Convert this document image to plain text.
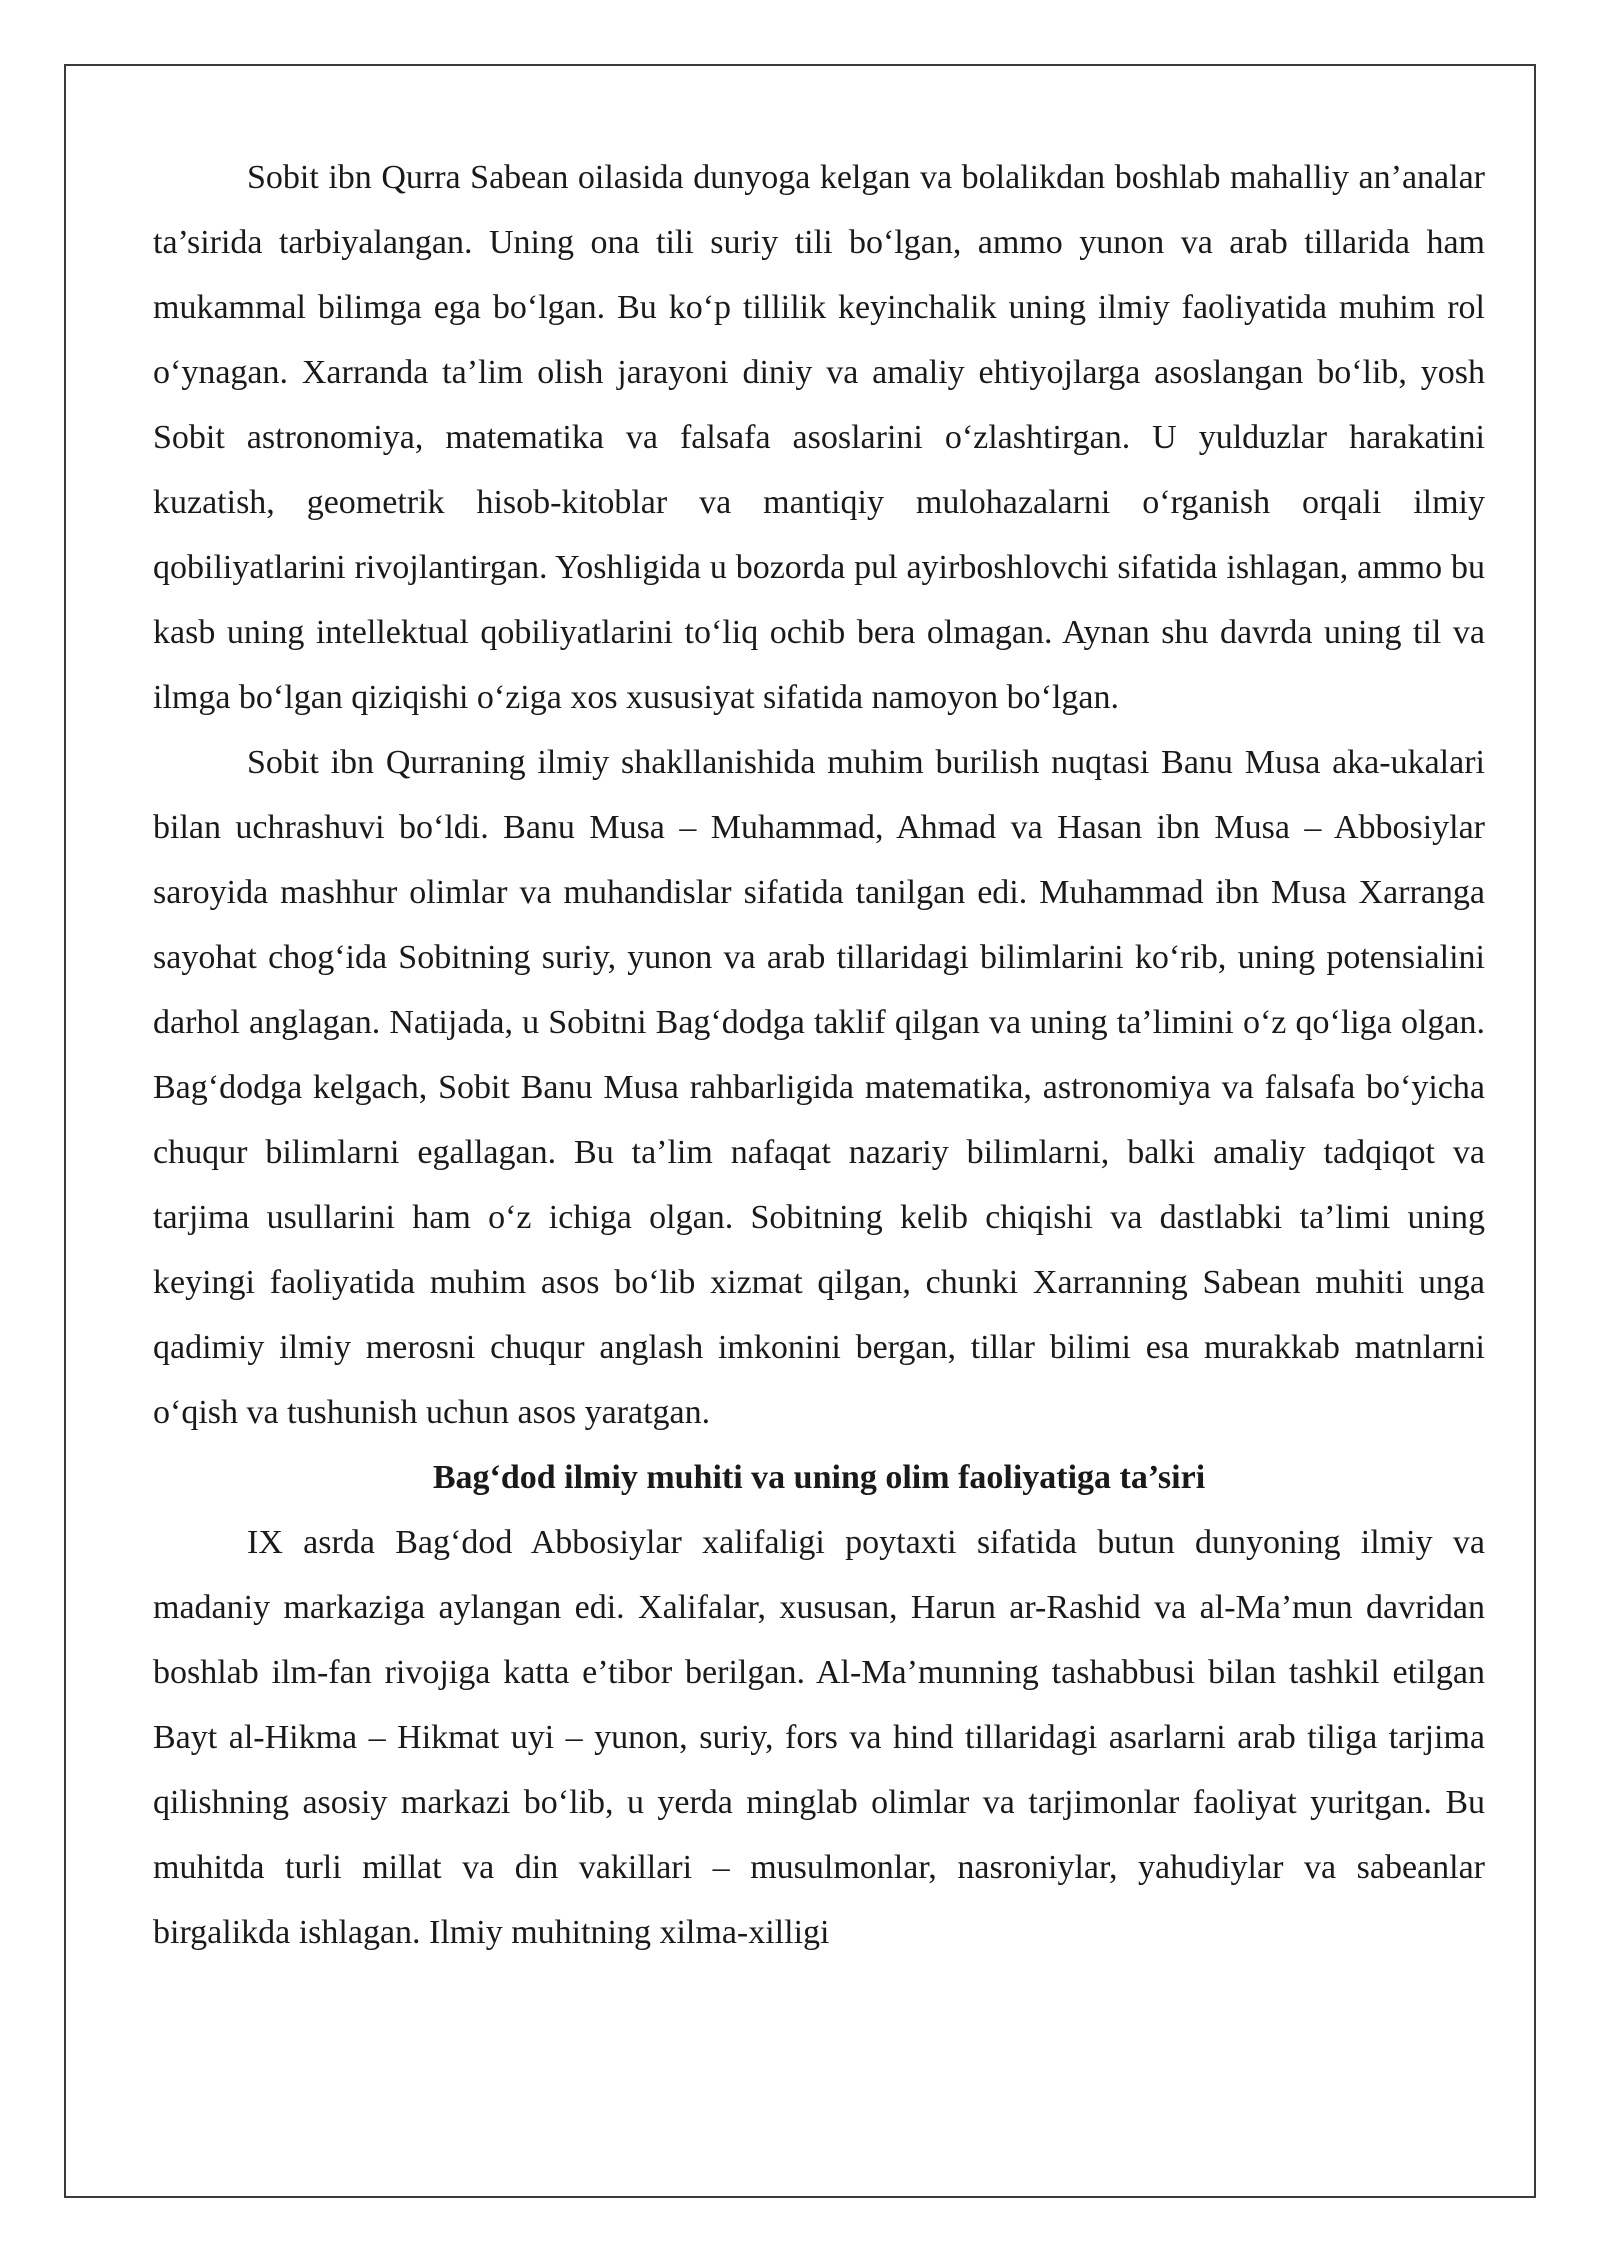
Sobit ibn Qurra Sabean oilasida dunyoga kelgan va bolalikdan boshlab mahalliy an’analar ta’sirida tarbiyalangan. Uning ona tili suriy tili bo‘lgan, ammo yunon va arab tillarida ham mukammal bilimga ega bo‘lgan. Bu ko‘p tillilik keyinchalik uning ilmiy faoliyatida muhim rol o‘ynagan. Xarranda ta’lim olish jarayoni diniy va amaliy ehtiyojlarga asoslangan bo‘lib, yosh Sobit astronomiya, matematika va falsafa asoslarini o‘zlashtirgan. U yulduzlar harakatini kuzatish, geometrik hisob-kitoblar va mantiqiy mulohazalarni o‘rganish orqali ilmiy qobiliyatlarini rivojlantirgan. Yoshligida u bozorda pul ayirboshlovchi sifatida ishlagan, ammo bu kasb uning intellektual qobiliyatlarini to‘liq ochib bera olmagan. Aynan shu davrda uning til va ilmga bo‘lgan qiziqishi o‘ziga xos xususiyat sifatida namoyon bo‘lgan.

Sobit ibn Qurraning ilmiy shakllanishida muhim burilish nuqtasi Banu Musa aka-ukalari bilan uchrashuvi bo‘ldi. Banu Musa – Muhammad, Ahmad va Hasan ibn Musa – Abbosiylar saroyida mashhur olimlar va muhandislar sifatida tanilgan edi. Muhammad ibn Musa Xarranga sayohat chog‘ida Sobitning suriy, yunon va arab tillaridagi bilimlarini ko‘rib, uning potensialini darhol anglagan. Natijada, u Sobitni Bag‘dodga taklif qilgan va uning ta’limini o‘z qo‘liga olgan. Bag‘dodga kelgach, Sobit Banu Musa rahbarligida matematika, astronomiya va falsafa bo‘yicha chuqur bilimlarni egallagan. Bu ta’lim nafaqat nazariy bilimlarni, balki amaliy tadqiqot va tarjima usullarini ham o‘z ichiga olgan. Sobitning kelib chiqishi va dastlabki ta’limi uning keyingi faoliyatida muhim asos bo‘lib xizmat qilgan, chunki Xarranning Sabean muhiti unga qadimiy ilmiy merosni chuqur anglash imkonini bergan, tillar bilimi esa murakkab matnlarni o‘qish va tushunish uchun asos yaratgan.

Bag‘dod ilmiy muhiti va uning olim faoliyatiga ta’siri

IX asrda Bag‘dod Abbosiylar xalifaligi poytaxti sifatida butun dunyoning ilmiy va madaniy markaziga aylangan edi. Xalifalar, xususan, Harun ar-Rashid va al-Ma’mun davridan boshlab ilm-fan rivojiga katta e’tibor berilgan. Al-Ma’munning tashabbusi bilan tashkil etilgan Bayt al-Hikma – Hikmat uyi – yunon, suriy, fors va hind tillaridagi asarlarni arab tiliga tarjima qilishning asosiy markazi bo‘lib, u yerda minglab olimlar va tarjimonlar faoliyat yuritgan. Bu muhitda turli millat va din vakillari – musulmonlar, nasroniylar, yahudiylar va sabeanlar birgalikda ishlagan. Ilmiy muhitning xilma-xilligi
